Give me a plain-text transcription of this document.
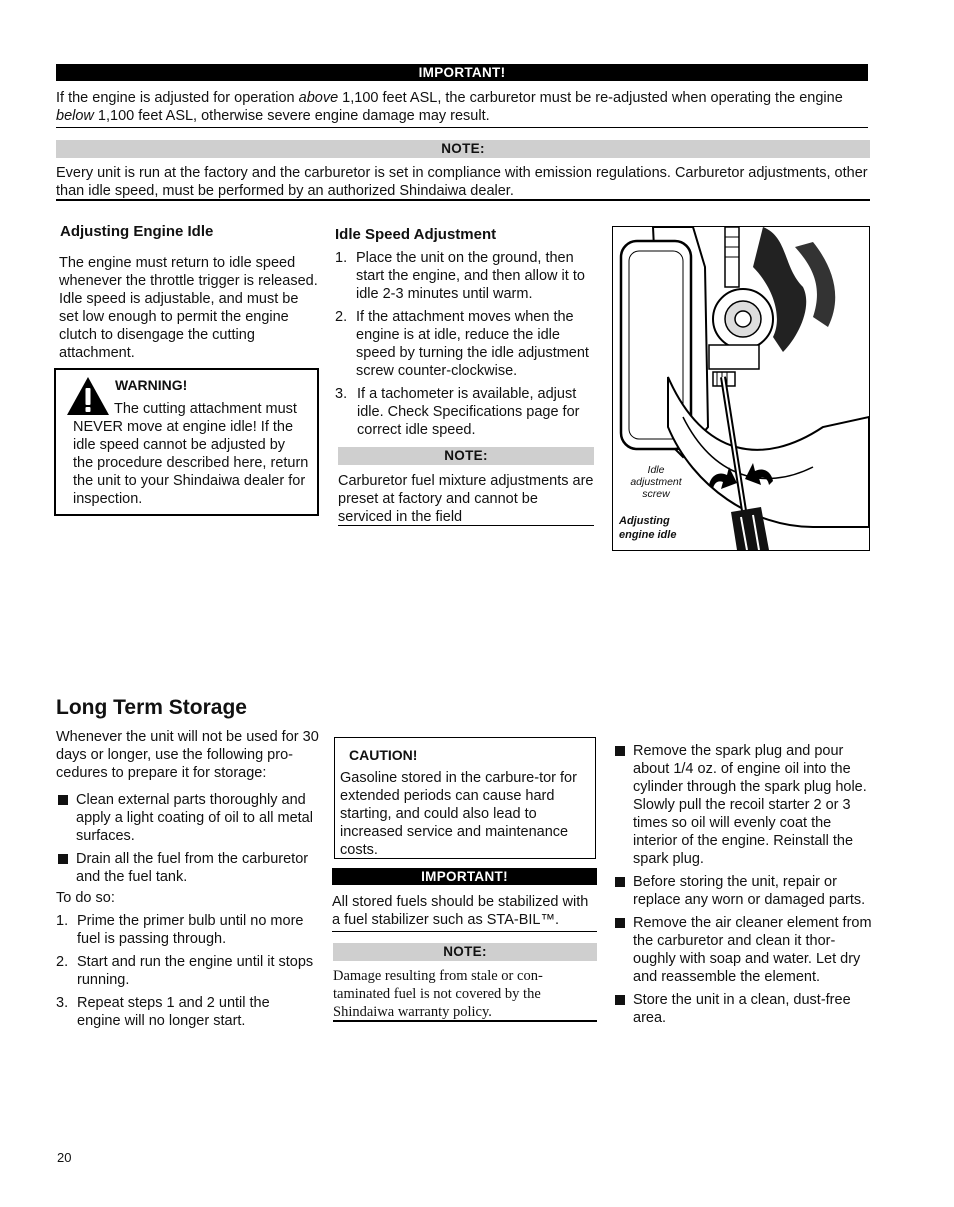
IMPORTANT!

If the engine is adjusted for operation above 1,100 feet ASL, the carburetor must be re-adjusted when operating the engine below 1,100 feet ASL, otherwise severe engine damage may result.

NOTE:

Every unit is run at the factory and the carburetor is set in compliance with emission regulations. Carburetor adjustments, other than idle speed, must be performed by an authorized Shindaiwa dealer.

Adjusting Engine Idle

The engine must return to idle speed whenever the throttle trigger is released. Idle speed is adjustable, and must be set low enough to permit the engine clutch to disengage the cutting attachment.

WARNING!

The cutting attachment must NEVER move at engine idle! If the idle speed cannot be adjusted by the procedure described here, return the unit to your Shindaiwa dealer for inspection.

Idle Speed Adjustment
1. Place the unit on the ground, then start the engine, and then allow it to idle 2-3 minutes until warm.
2. If the attachment moves when the engine is at idle, reduce the idle speed by turning the idle adjustment screw counter-clockwise.
3. If a tachometer is available, adjust idle. Check Specifications page for correct idle speed.
NOTE:

Carburetor fuel mixture adjustments are preset at factory and cannot be serviced in the field

Idle adjustment screw
Adjusting engine idle
Long Term Storage

Whenever the unit will not be used for 30 days or longer, use the following pro-cedures to prepare it for storage:

Clean external parts thoroughly and apply a light coating of oil to all metal surfaces.
Drain all the fuel from the carburetor and the fuel tank.
To do so:
1. Prime the primer bulb until no more fuel is passing through.
2. Start and run the engine until it stops running.
3. Repeat steps 1 and 2 until the engine will no longer start.
CAUTION!

Gasoline stored in the carbure-tor for extended periods can cause hard starting, and could also lead to increased service and maintenance costs.

IMPORTANT!

All stored fuels should be stabilized with a fuel stabilizer such as STA-BIL™.

NOTE:

Damage resulting from stale or con-taminated fuel is not covered by the Shindaiwa warranty policy.

Remove the spark plug and pour about 1/4 oz. of engine oil into the cylinder through the spark plug hole. Slowly pull the recoil starter 2 or 3 times so oil will evenly coat the interior of the engine. Reinstall the spark plug.
Before storing the unit, repair or replace any worn or damaged parts.
Remove the air cleaner element from the carburetor and clean it thor-oughly with soap and water. Let dry and reassemble the element.
Store the unit in a clean, dust-free area.
20
